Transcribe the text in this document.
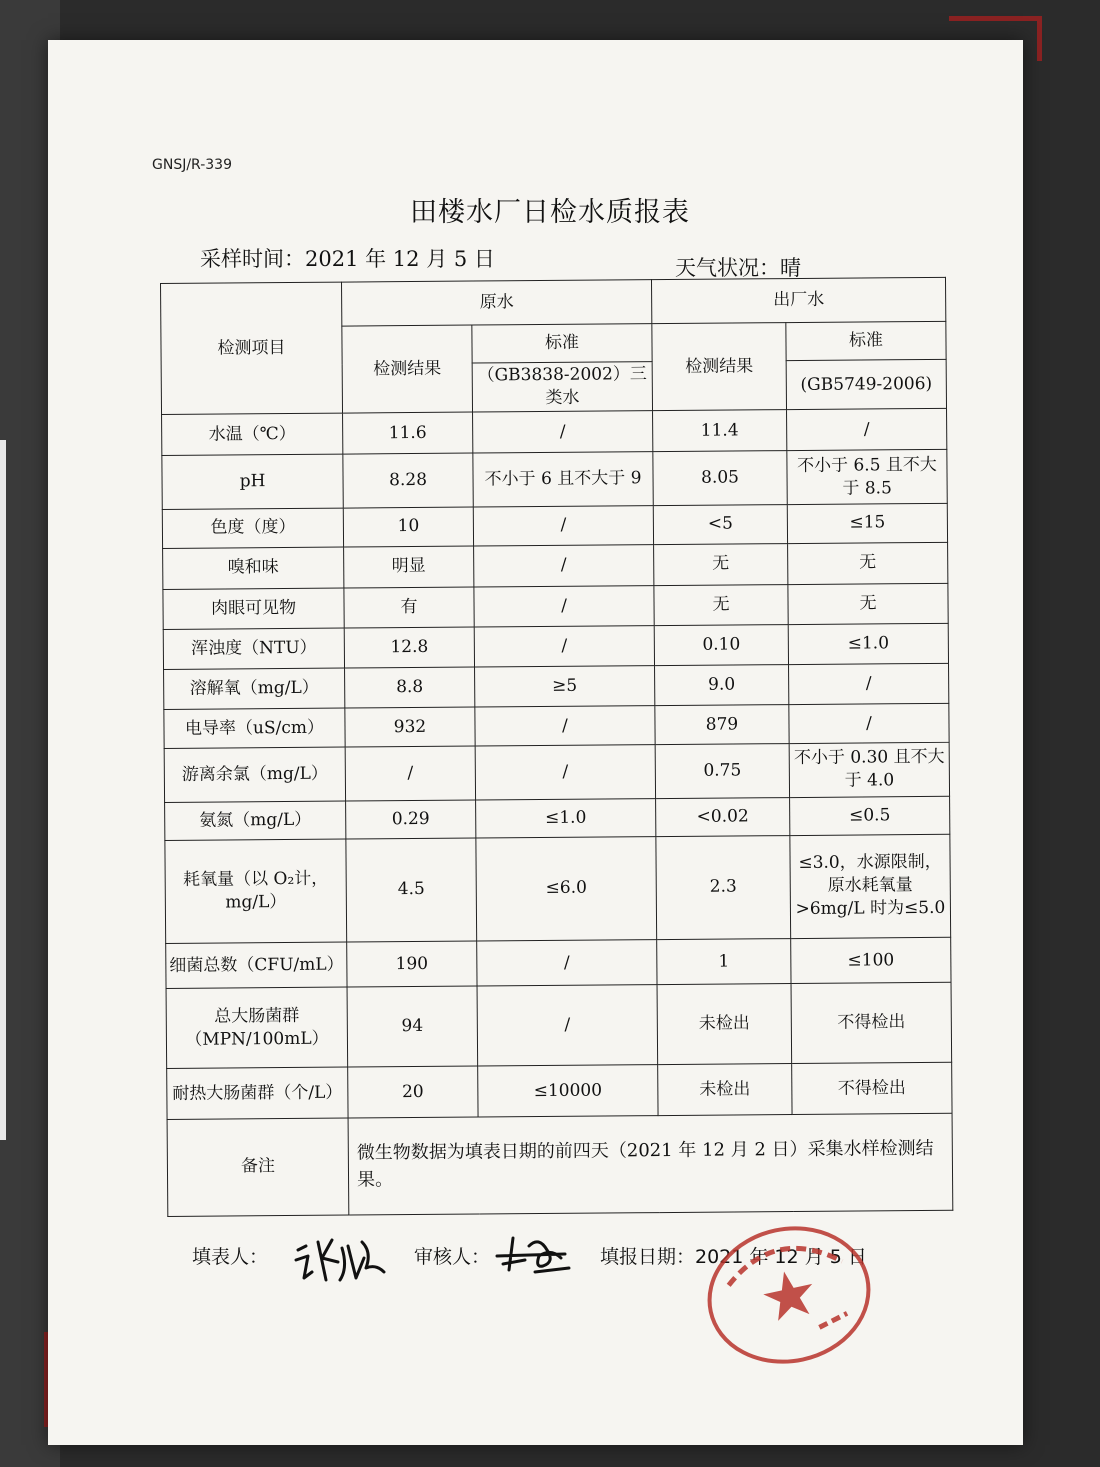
GNSJ/R-339
田楼水厂日检水质报表
采样时间：2021 年 12 月 5 日	天气状况：晴
检测项目	原水		出厂水	
	检测结果	标准	检测结果	标准
		（GB3838-2002）三类水		(GB5749-2006)
水温（℃）	11.6	/	11.4	/
pH	8.28	不小于 6 且不大于 9	8.05	不小于 6.5 且不大于 8.5
色度（度）	10	/	<5	≤15
嗅和味	明显	/	无	无
肉眼可见物	有	/	无	无
浑浊度（NTU）	12.8	/	0.10	≤1.0
溶解氧（mg/L）	8.8	≥5	9.0	/
电导率（uS/cm）	932	/	879	/
游离余氯（mg/L）	/	/	0.75	不小于 0.30 且不大于 4.0
氨氮（mg/L）	0.29	≤1.0	<0.02	≤0.5
耗氧量（以 O₂计，mg/L）	4.5	≤6.0	2.3	≤3.0，水源限制，原水耗氧量>6mg/L 时为≤5.0
细菌总数（CFU/mL）	190	/	1	≤100
总大肠菌群（MPN/100mL）	94	/	未检出	不得检出
耐热大肠菌群（个/L）	20	≤10000	未检出	不得检出
备注	微生物数据为填表日期的前四天（2021 年 12 月 2 日）采集水样检测结果。			
填表人：	审核人：	填报日期：2021 年 12 月 5 日
